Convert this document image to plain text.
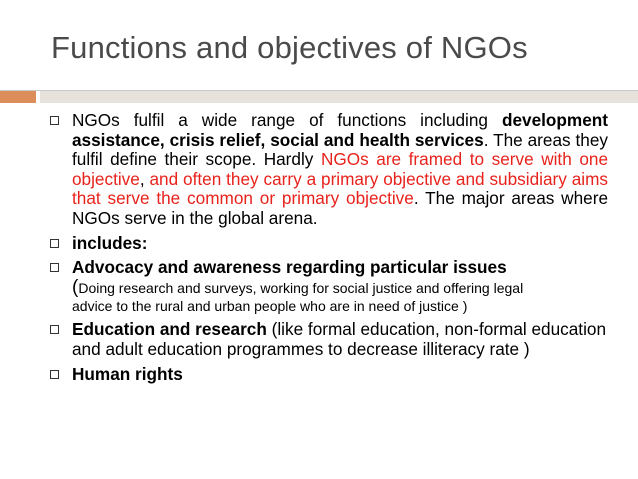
Functions and objectives of NGOs
NGOs fulfil a wide range of functions including development assistance, crisis relief, social and health services. The areas they fulfil define their scope. Hardly NGOs are framed to serve with one objective, and often they carry a primary objective and subsidiary aims that serve the common or primary objective. The major areas where NGOs serve in the global arena.
includes:
Advocacy and awareness regarding particular issues
(Doing research and surveys, working for social justice and offering legal
advice to the rural and urban people who are in need of justice )
Education and research (like formal education, non-formal education and adult education programmes to decrease illiteracy rate )
Human rights
